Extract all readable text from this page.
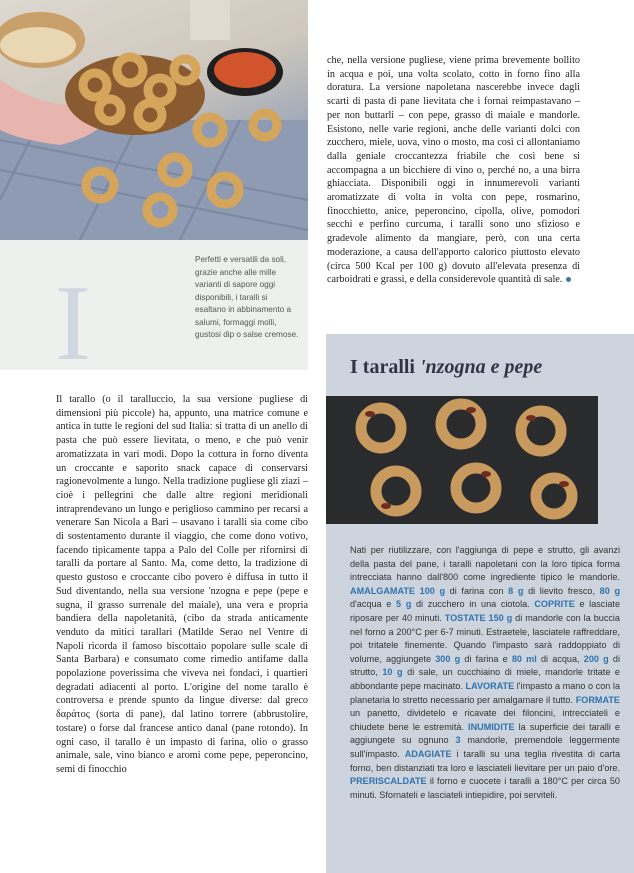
I
Perfetti e versatili da soli, grazie anche alle mille varianti di sapore oggi disponibili, i taralli si esaltano in abbinamento a salumi, formaggi molli, gustosi dip o salse cremose.

Il tarallo (o il taralluccio, la sua versione pugliese di dimensioni più piccole) ha, appunto, una matrice comune e antica in tutte le regioni del sud Italia: si tratta di un anello di pasta che può essere lievitata, o meno, e che può venir aromatizzata in vari modi. Dopo la cottura in forno diventa un croccante e saporito snack capace di conservarsi ragionevolmente a lungo. Nella tradizione pugliese gli ziazi – cioè i pellegrini che dalle altre regioni meridionali intraprendevano un lungo e periglioso cammino per recarsi a venerare San Nicola a Bari – usavano i taralli sia come cibo di sostentamento durante il viaggio, che come dono votivo, facendo tipicamente tappa a Palo del Colle per rifornirsi di taralli da portare al Santo. Ma, come detto, la tradizione di questo gustoso e croccante cibo povero è diffusa in tutto il Sud diventando, nella sua versione 'nzogna e pepe (pepe e sugna, il grasso surrenale del maiale), una vera e propria bandiera della napoletanità, (cibo da strada anticamente venduto da mitici tarallari (Matilde Serao nel Ventre di Napoli ricorda il famoso biscottaio popolare sulle scale di Santa Barbara) e consumato come rimedio antifame dalla popolazione poverissima che viveva nei fondaci, i quartieri degradati adiacenti al porto. L'origine del nome tarallo è controversa e prende spunto da lingue diverse: dal greco δαράτος (sorta di pane), dal latino torrere (abbrustolire, tostare) o forse dal francese antico danal (pane rotondo). In ogni caso, il tarallo è un impasto di farina, olio o grasso animale, sale, vino bianco e aromi come pepe, peperoncino, semi di finocchio

che, nella versione pugliese, viene prima brevemente bollito in acqua e poi, una volta scolato, cotto in forno fino alla doratura. La versione napoletana nascerebbe invece dagli scarti di pasta di pane lievitata che i fornai reimpastavano – per non buttarli – con pepe, grasso di maiale e mandorle. Esistono, nelle varie regioni, anche delle varianti dolci con zucchero, miele, uova, vino o mosto, ma così ci allontaniamo dalla geniale croccantezza friabile che così bene si accompagna a un bicchiere di vino o, perché no, a una birra ghiacciata. Disponibili oggi in innumerevoli varianti aromatizzate di volta in volta con pepe, rosmarino, finocchietto, anice, peperoncino, cipolla, olive, pomodori secchi e perfino curcuma, i taralli sono uno sfizioso e gradevole alimento da mangiare, però, con una certa moderazione, a causa dell'apporto calorico piuttosto elevato (circa 500 Kcal per 100 g) dovuto all'elevata presenza di carboidrati e grassi, e della considerevole quantità di sale.

I taralli 'nzogna e pepe
Nati per riutilizzare, con l'aggiunga di pepe e strutto, gli avanzi della pasta del pane, i taralli napoletani con la loro tipica forma intrecciata hanno dall'800 come ingrediente tipico le mandorle. AMALGAMATE 100 g di farina con 8 g di lievito fresco, 80 g d'acqua e 5 g di zucchero in una ciotola. COPRITE e lasciate riposare per 40 minuti. TOSTATE 150 g di mandorle con la buccia nel forno a 200°C per 6-7 minuti. Estraetele, lasciatele raffreddare, poi tritatele finemente. Quando l'impasto sarà raddoppiato di volume, aggiungete 300 g di farina e 80 ml di acqua, 200 g di strutto, 10 g di sale, un cucchiaino di miele, mandorle tritate e abbondante pepe macinato. LAVORATE l'impasto a mano o con la planetaria lo stretto necessario per amalgamare il tutto. FORMATE un panetto, dividetelo e ricavate dei filoncini, intrecciateli e chiudete bene le estremità. INUMIDITE la superficie dei taralli e aggiungete su ognuno 3 mandorle, premendole leggermente sull'impasto. ADAGIATE i taralli su una teglia rivestita di carta forno, ben distanziati tra loro e lasciateli lievitare per un paio d'ore. PRERISCALDATE il forno e cuocete i taralli a 180°C per circa 50 minuti. Sfornateli e lasciateli intiepidire, poi serviteli.
